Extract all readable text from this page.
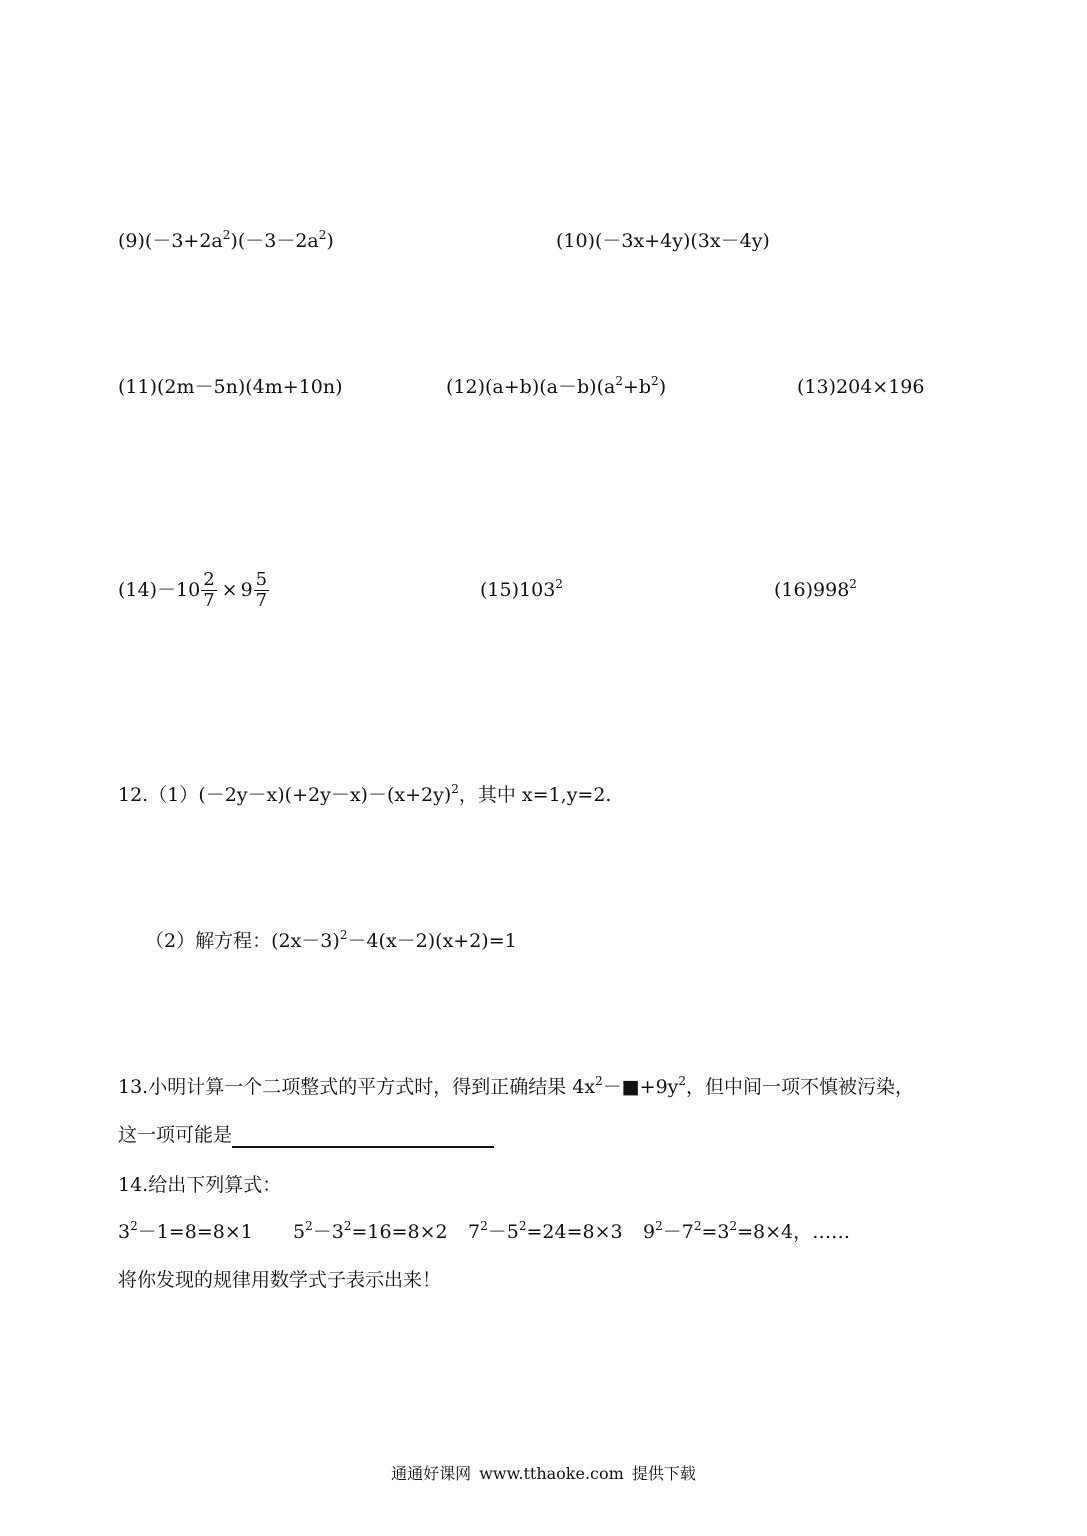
$(9)(-3+2a^2)(-3-2a^2)$	(10)(－3x+4y)(3x－4y)
(11)(2m－5n)(4m+10n)	$(12)(a+b)(a-b)(a^2+b^2)$	(13)204×196
$(14)-10 \frac{2}{7} \times 9 \frac{5}{7}$	$(15)103^2$	$(16)998^2$
$12.(1)(-2y-x)(+2y-x)-(x+2y)^2$，其中 x=1,y=2.
（2）解方程：$(2x-3)^2-4(x-2)(x+2)=1$
13.小明计算一个二项整式的平方式时，得到正确结果 $4x^2-■+9y^2$，但中间一项不慎被污染，
这一项可能是
14.给出下列算式：
$3^2-1=8=8\times 1$ $5^2-3^2=16=8\times 2$ $7^2-5^2=24=8\times 3$ $9^2-7^2=3^2=8\times 4$，……
将你发现的规律用数学式子表示出来！
通通好课网 www.tthaoke.com 提供下载
